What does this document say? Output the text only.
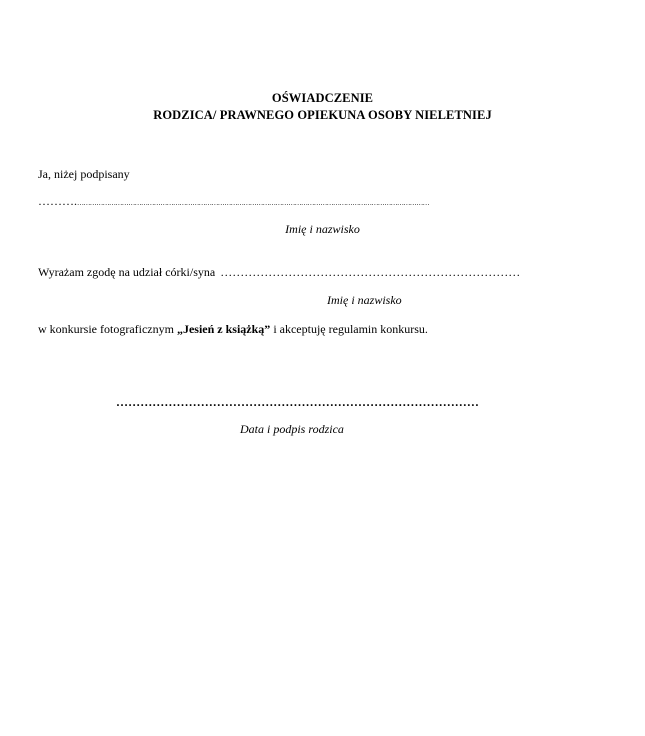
OŚWIADCZENIE
RODZICA/ PRAWNEGO OPIEKUNA OSOBY NIELETNIEJ
Ja, niżej podpisany
……….…………………………………………………………………………………………………………………………………………………
Imię i nazwisko
Wyrażam zgodę na udział córki/syna …………………………………………………………………
Imię i nazwisko
w konkursie fotograficznym „Jesień z książką” i akceptuję regulamin konkursu.
………………………………………………………………………………
Data i podpis rodzica
